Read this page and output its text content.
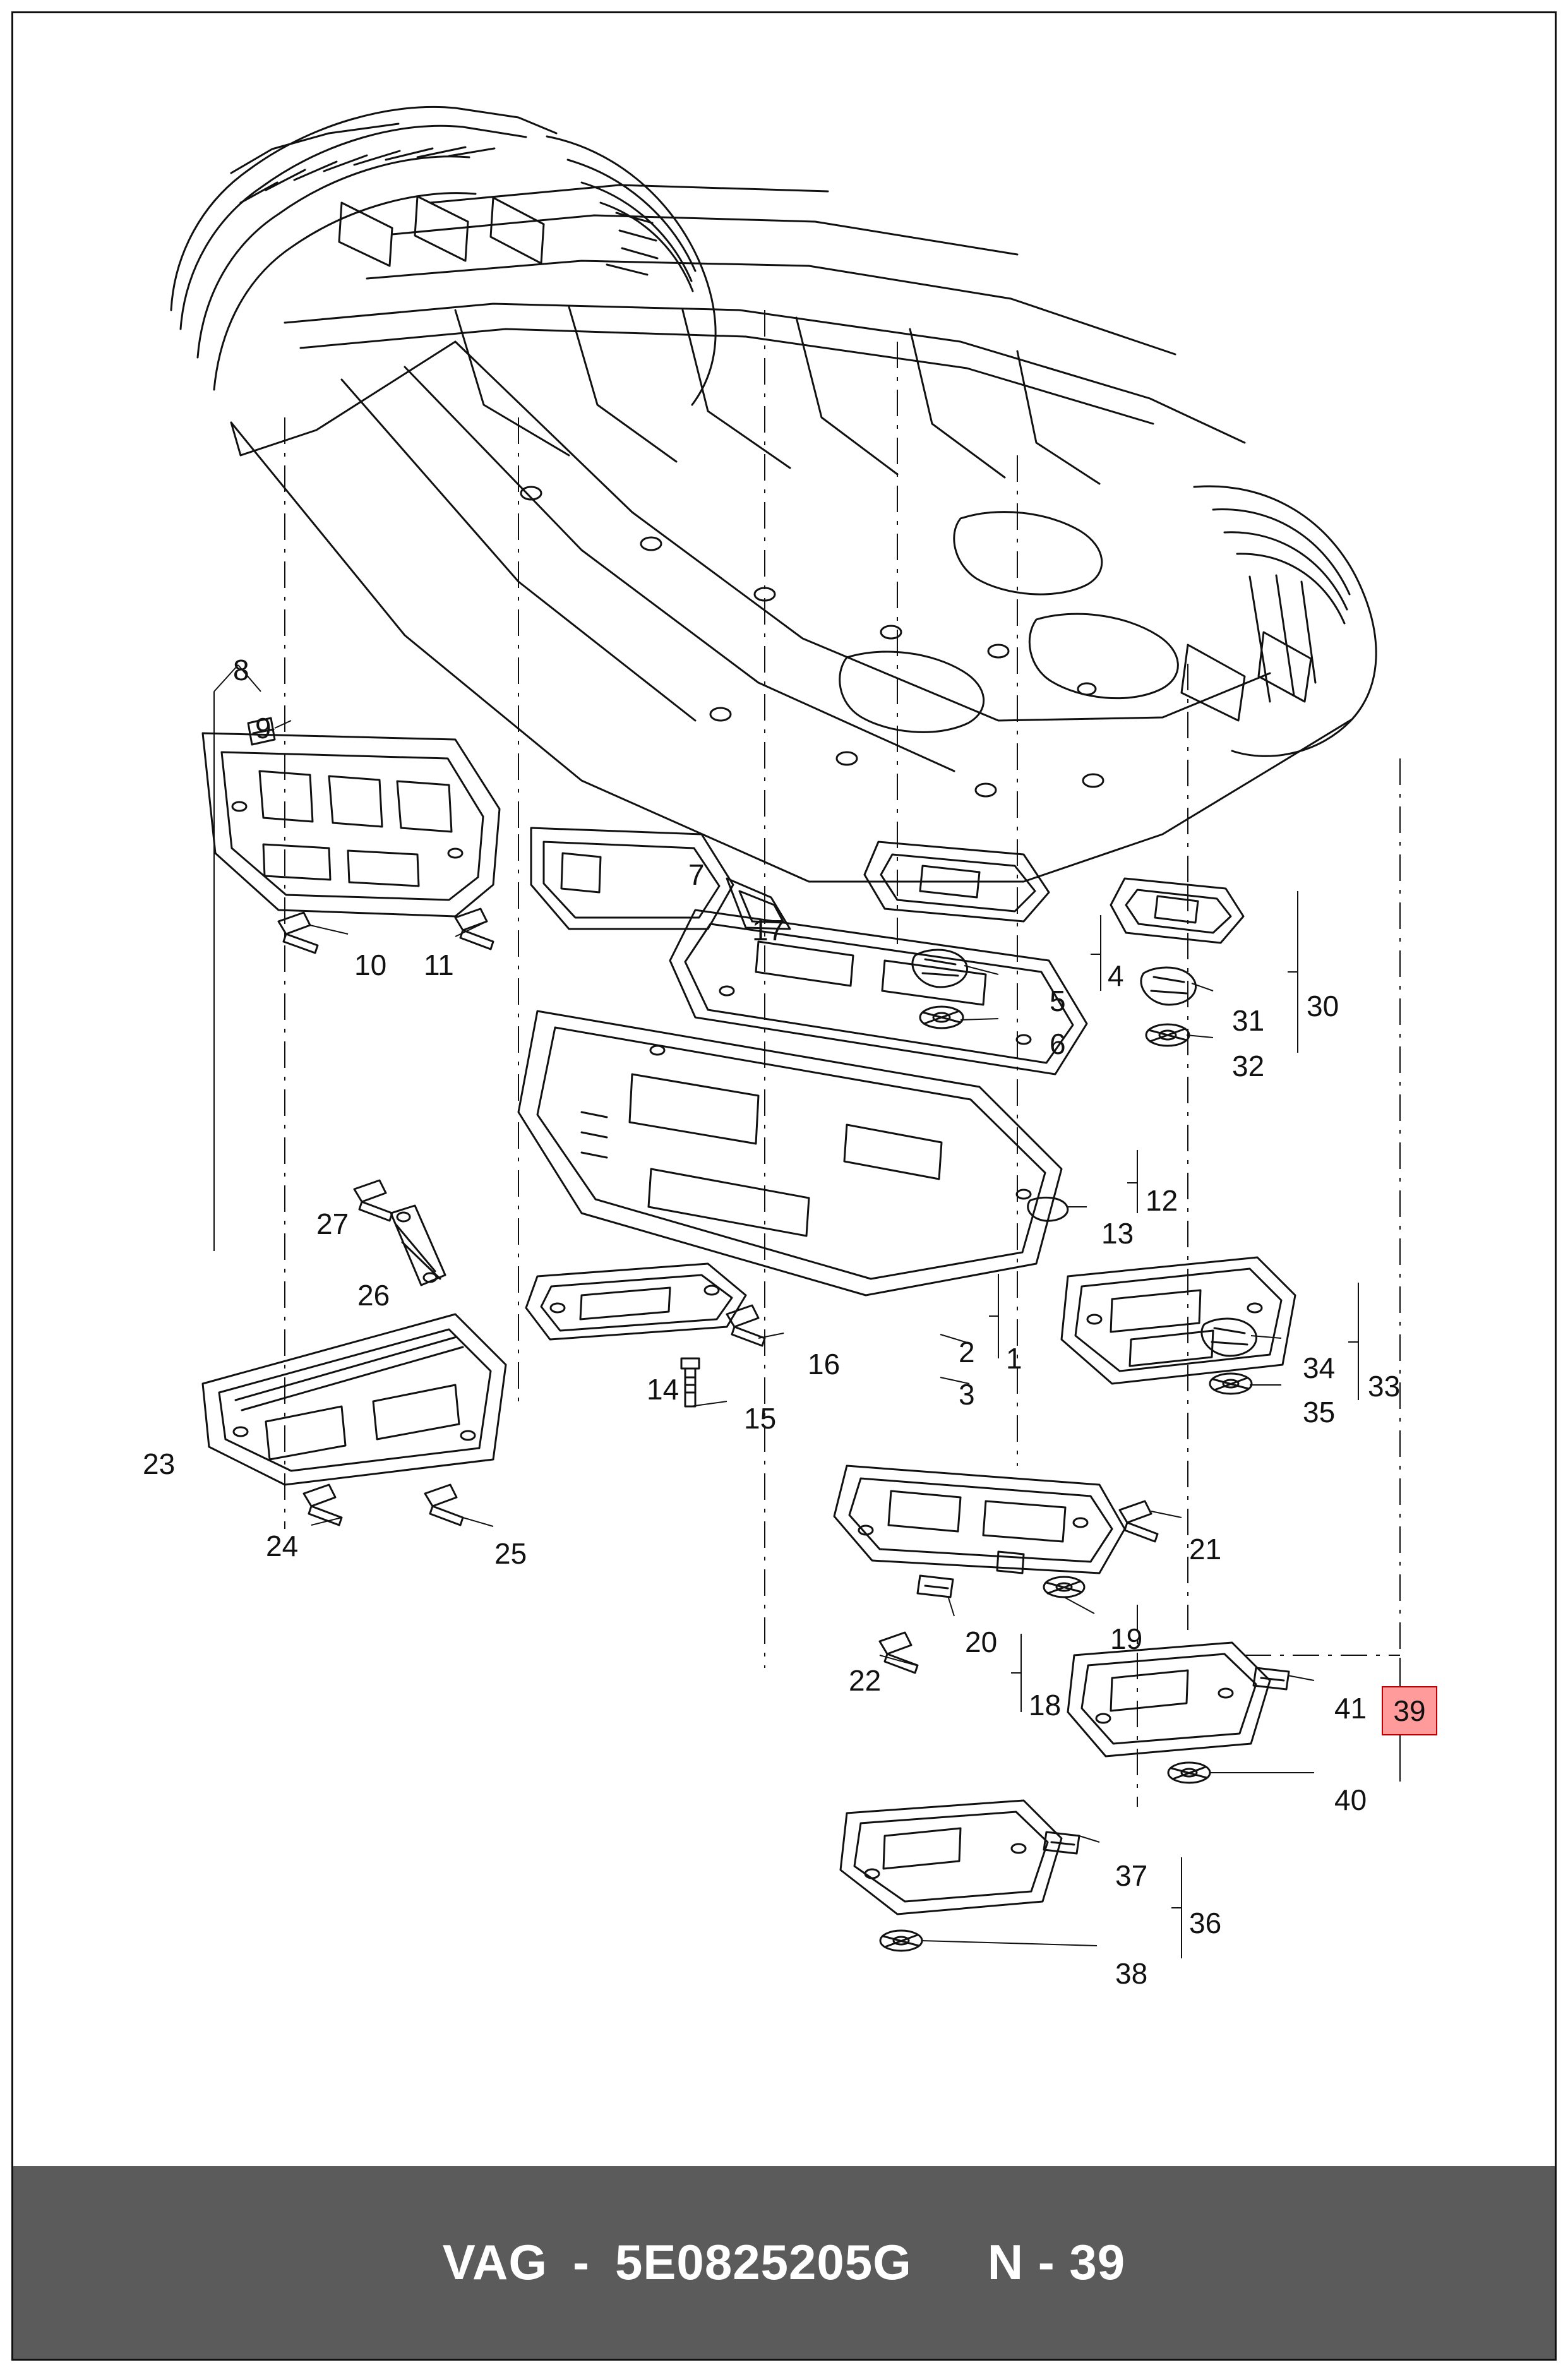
1
2
3
4
5
6
7
8
9
10 11
12
13
14
15
16
17
18
19
20
21
22
23
24	25
26
27
30
31
32
33
34
35
36
37
38
40
41 39
VAG - 5E0825205G N - 39
